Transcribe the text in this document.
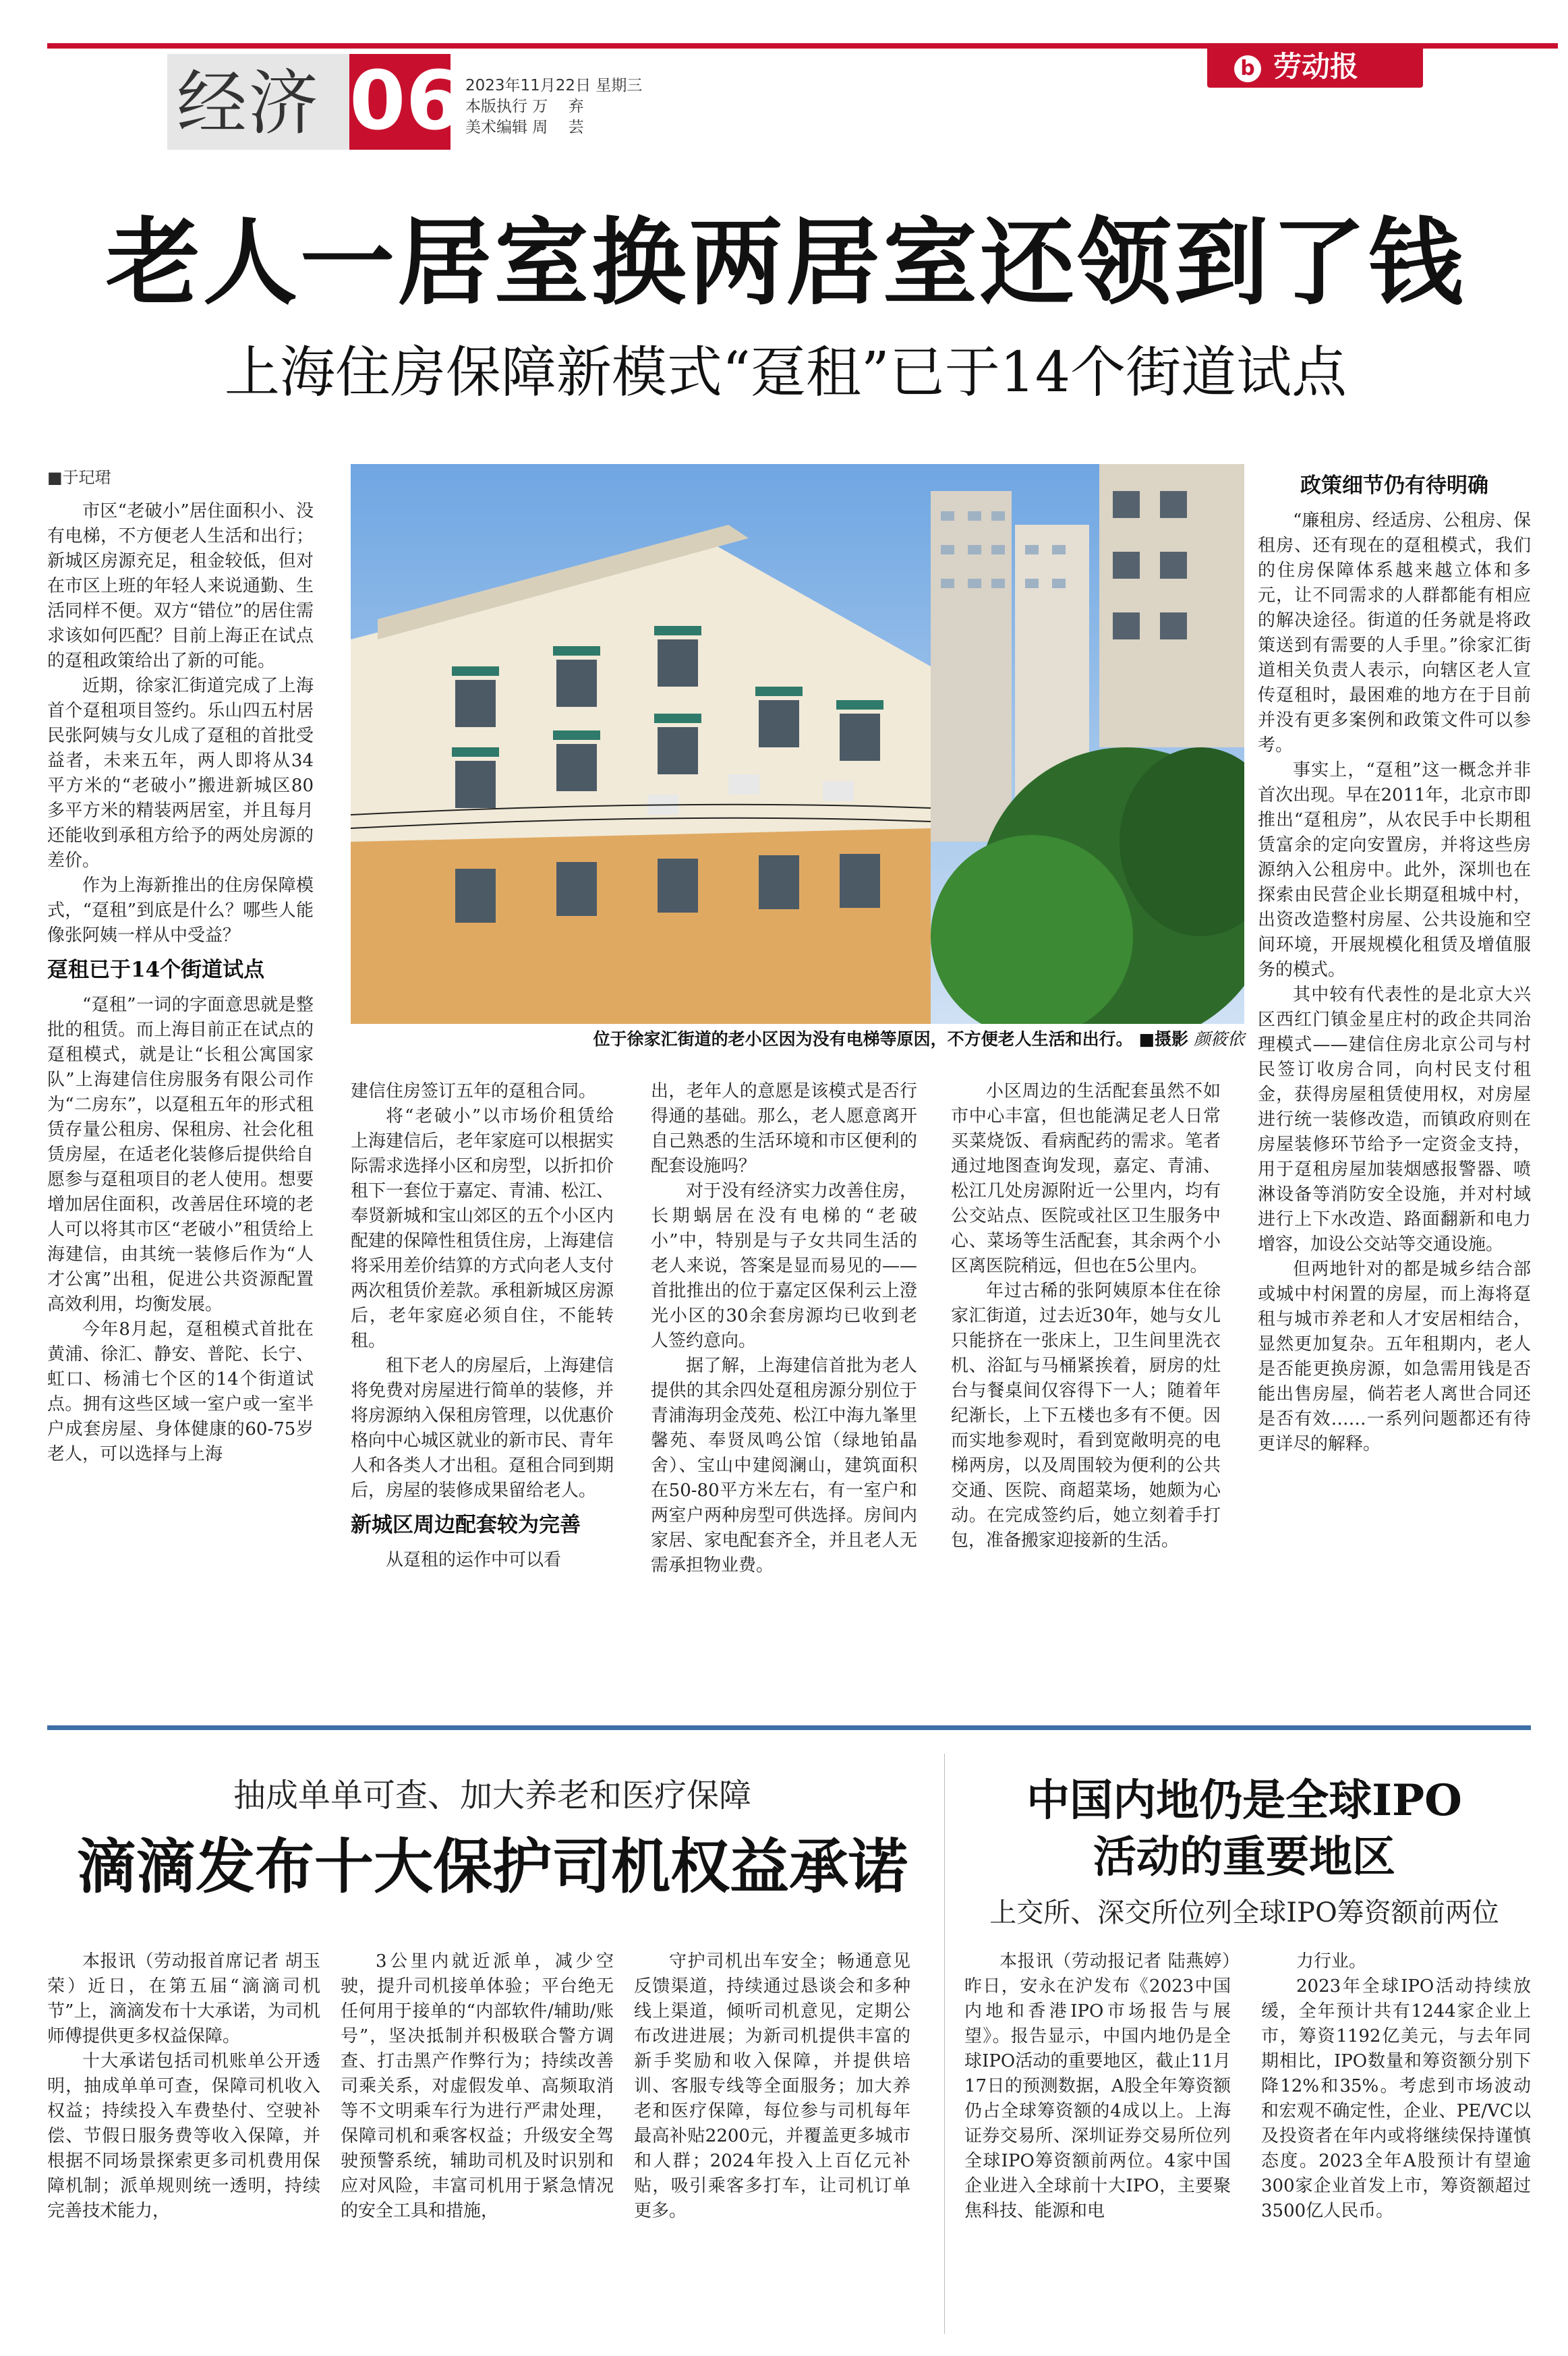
经济 06 2023年11月22日 星期三
本版执行 万　 弃
美术编辑 周　 芸
b 劳动报
老人一居室换两居室还领到了钱
上海住房保障新模式“趸租”已于14个街道试点
■于玘珺

市区“老破小”居住面积小、没有电梯，不方便老人生活和出行；新城区房源充足，租金较低，但对在市区上班的年轻人来说通勤、生活同样不便。双方“错位”的居住需求该如何匹配？目前上海正在试点的趸租政策给出了新的可能。

近期，徐家汇街道完成了上海首个趸租项目签约。乐山四五村居民张阿姨与女儿成了趸租的首批受益者，未来五年，两人即将从34平方米的“老破小”搬进新城区80多平方米的精装两居室，并且每月还能收到承租方给予的两处房源的差价。

作为上海新推出的住房保障模式，“趸租”到底是什么？哪些人能像张阿姨一样从中受益？

趸租已于14个街道试点

“趸租”一词的字面意思就是整批的租赁。而上海目前正在试点的趸租模式，就是让“长租公寓国家队”上海建信住房服务有限公司作为“二房东”，以趸租五年的形式租赁存量公租房、保租房、社会化租赁房屋，在适老化装修后提供给自愿参与趸租项目的老人使用。想要增加居住面积，改善居住环境的老人可以将其市区“老破小”租赁给上海建信，由其统一装修后作为“人才公寓”出租，促进公共资源配置高效利用，均衡发展。

今年8月起，趸租模式首批在黄浦、徐汇、静安、普陀、长宁、虹口、杨浦七个区的14个街道试点。拥有这些区域一室户或一室半户成套房屋、身体健康的60-75岁老人，可以选择与上海

位于徐家汇街道的老小区因为没有电梯等原因，不方便老人生活和出行。 ■摄影 颜筱依

建信住房签订五年的趸租合同。

将“老破小”以市场价租赁给上海建信后，老年家庭可以根据实际需求选择小区和房型，以折扣价租下一套位于嘉定、青浦、松江、奉贤新城和宝山郊区的五个小区内配建的保障性租赁住房，上海建信将采用差价结算的方式向老人支付两次租赁价差款。承租新城区房源后，老年家庭必须自住，不能转租。

租下老人的房屋后，上海建信将免费对房屋进行简单的装修，并将房源纳入保租房管理，以优惠价格向中心城区就业的新市民、青年人和各类人才出租。趸租合同到期后，房屋的装修成果留给老人。

新城区周边配套较为完善

从趸租的运作中可以看

出，老年人的意愿是该模式是否行得通的基础。那么，老人愿意离开自己熟悉的生活环境和市区便利的配套设施吗？

对于没有经济实力改善住房，长期蜗居在没有电梯的“老破小”中，特别是与子女共同生活的老人来说，答案是显而易见的——首批推出的位于嘉定区保利云上澄光小区的30余套房源均已收到老人签约意向。

据了解，上海建信首批为老人提供的其余四处趸租房源分别位于青浦海玥金茂苑、松江中海九峯里馨苑、奉贤凤鸣公馆（绿地铂晶舍）、宝山中建阅澜山，建筑面积在50-80平方米左右，有一室户和两室户两种房型可供选择。房间内家居、家电配套齐全，并且老人无需承担物业费。

小区周边的生活配套虽然不如市中心丰富，但也能满足老人日常买菜烧饭、看病配药的需求。笔者通过地图查询发现，嘉定、青浦、松江几处房源附近一公里内，均有公交站点、医院或社区卫生服务中心、菜场等生活配套，其余两个小区离医院稍远，但也在5公里内。

年过古稀的张阿姨原本住在徐家汇街道，过去近30年，她与女儿只能挤在一张床上，卫生间里洗衣机、浴缸与马桶紧挨着，厨房的灶台与餐桌间仅容得下一人；随着年纪渐长，上下五楼也多有不便。因而实地参观时，看到宽敞明亮的电梯两房，以及周围较为便利的公共交通、医院、商超菜场，她颇为心动。在完成签约后，她立刻着手打包，准备搬家迎接新的生活。

政策细节仍有待明确

“廉租房、经适房、公租房、保租房、还有现在的趸租模式，我们的住房保障体系越来越立体和多元，让不同需求的人群都能有相应的解决途径。街道的任务就是将政策送到有需要的人手里。”徐家汇街道相关负责人表示，向辖区老人宣传趸租时，最困难的地方在于目前并没有更多案例和政策文件可以参考。

事实上，“趸租”这一概念并非首次出现。早在2011年，北京市即推出“趸租房”，从农民手中长期租赁富余的定向安置房，并将这些房源纳入公租房中。此外，深圳也在探索由民营企业长期趸租城中村，出资改造整村房屋、公共设施和空间环境，开展规模化租赁及增值服务的模式。

其中较有代表性的是北京大兴区西红门镇金星庄村的政企共同治理模式——建信住房北京公司与村民签订收房合同，向村民支付租金，获得房屋租赁使用权，对房屋进行统一装修改造，而镇政府则在房屋装修环节给予一定资金支持，用于趸租房屋加装烟感报警器、喷淋设备等消防安全设施，并对村域进行上下水改造、路面翻新和电力增容，加设公交站等交通设施。

但两地针对的都是城乡结合部或城中村闲置的房屋，而上海将趸租与城市养老和人才安居相结合，显然更加复杂。五年租期内，老人是否能更换房源，如急需用钱是否能出售房屋，倘若老人离世合同还是否有效……一系列问题都还有待更详尽的解释。

抽成单单可查、加大养老和医疗保障
滴滴发布十大保护司机权益承诺

本报讯（劳动报首席记者 胡玉荣）近日，在第五届“滴滴司机节”上，滴滴发布十大承诺，为司机师傅提供更多权益保障。

十大承诺包括司机账单公开透明，抽成单单可查，保障司机收入权益；持续投入车费垫付、空驶补偿、节假日服务费等收入保障，并根据不同场景探索更多司机费用保障机制；派单规则统一透明，持续完善技术能力，

3公里内就近派单，减少空驶，提升司机接单体验；平台绝无任何用于接单的“内部软件/辅助/账号”，坚决抵制并积极联合警方调查、打击黑产作弊行为；持续改善司乘关系，对虚假发单、高频取消等不文明乘车行为进行严肃处理，保障司机和乘客权益；升级安全驾驶预警系统，辅助司机及时识别和应对风险，丰富司机用于紧急情况的安全工具和措施，

守护司机出车安全；畅通意见反馈渠道，持续通过恳谈会和多种线上渠道，倾听司机意见，定期公布改进进展；为新司机提供丰富的新手奖励和收入保障，并提供培训、客服专线等全面服务；加大养老和医疗保障，每位参与司机每年最高补贴2200元，并覆盖更多城市和人群；2024年投入上百亿元补贴，吸引乘客多打车，让司机订单更多。

中国内地仍是全球IPO
活动的重要地区
上交所、深交所位列全球IPO筹资额前两位

本报讯（劳动报记者 陆燕婷）昨日，安永在沪发布《2023中国内地和香港IPO市场报告与展望》。报告显示，中国内地仍是全球IPO活动的重要地区，截止11月17日的预测数据，A股全年筹资额仍占全球筹资额的4成以上。上海证券交易所、深圳证券交易所位列全球IPO筹资额前两位。4家中国企业进入全球前十大IPO，主要聚焦科技、能源和电

力行业。

2023年全球IPO活动持续放缓，全年预计共有1244家企业上市，筹资1192亿美元，与去年同期相比，IPO数量和筹资额分别下降12%和35%。考虑到市场波动和宏观不确定性，企业、PE/VC以及投资者在年内或将继续保持谨慎态度。2023全年A股预计有望逾300家企业首发上市，筹资额超过3500亿人民币。
